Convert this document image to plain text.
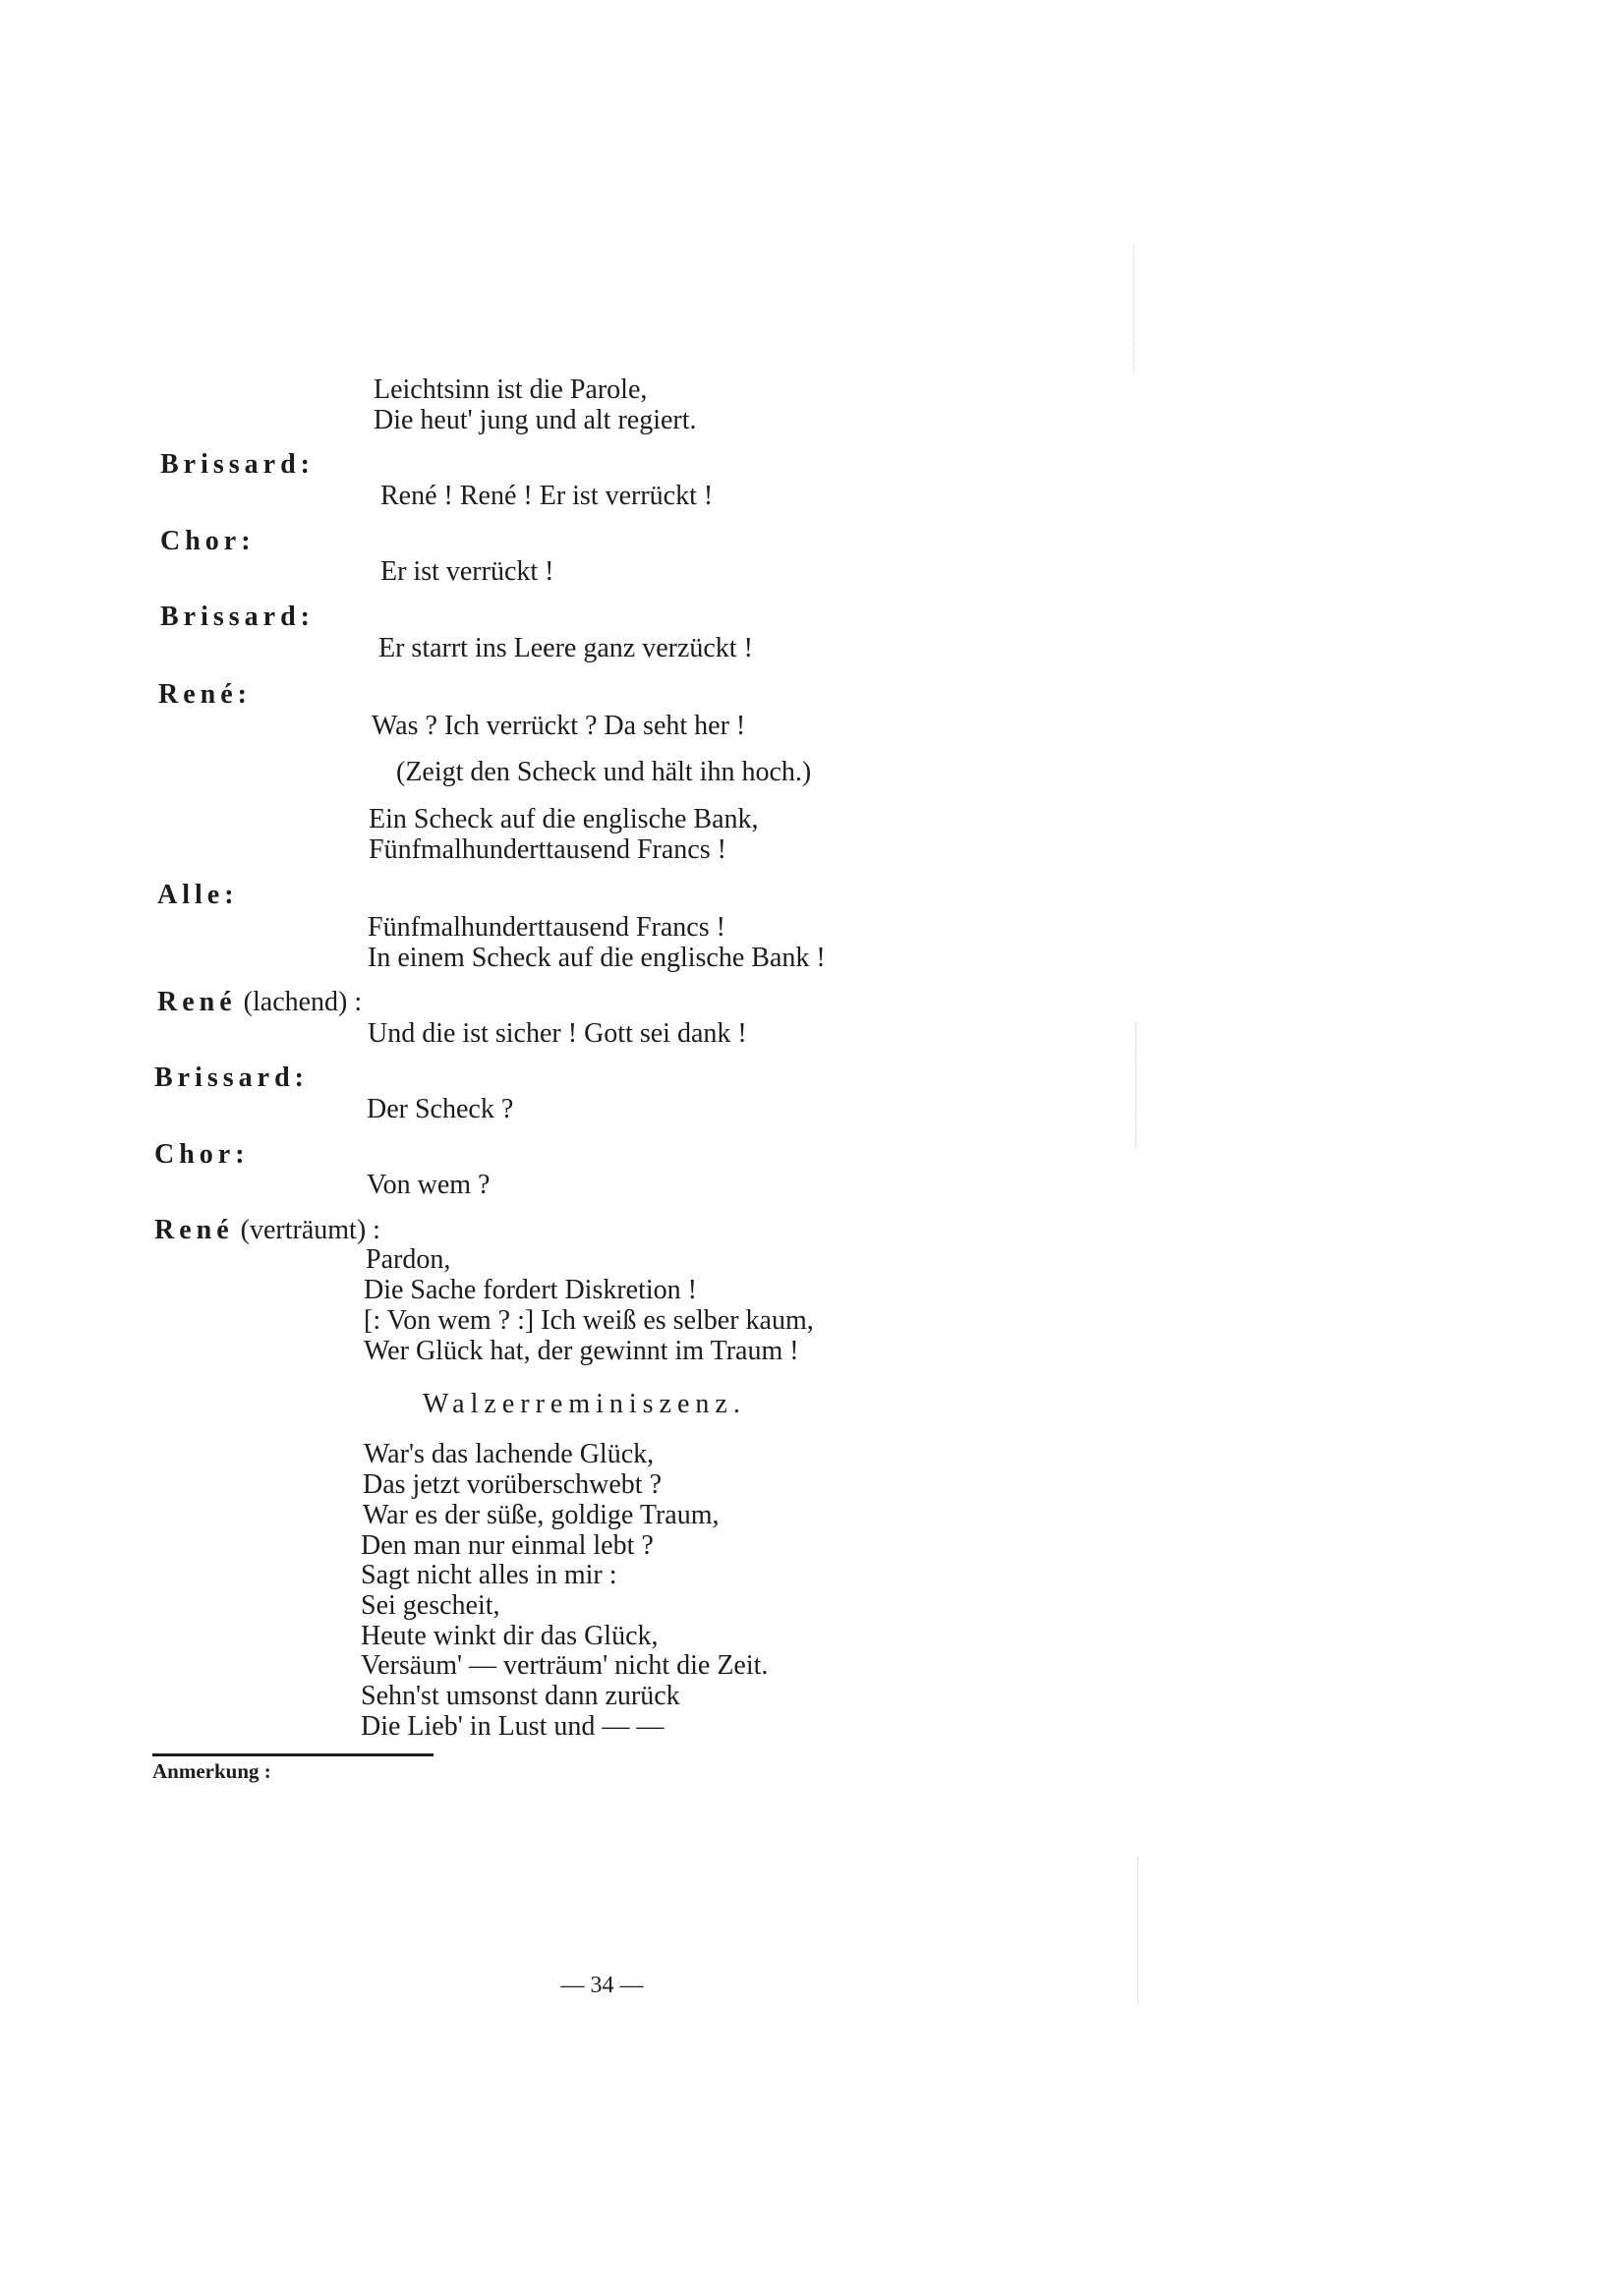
Leichtsinn ist die Parole,
Die heut' jung und alt regiert.
Brissard:
René ! René ! Er ist verrückt !
Chor:
Er ist verrückt !
Brissard:
Er starrt ins Leere ganz verzückt !
René:
Was ? Ich verrückt ? Da seht her !
(Zeigt den Scheck und hält ihn hoch.)
Ein Scheck auf die englische Bank,
Fünfmalhunderttausend Francs !
Alle:
Fünfmalhunderttausend Francs !
In einem Scheck auf die englische Bank !
René (lachend) :
Und die ist sicher ! Gott sei dank !
Brissard:
Der Scheck ?
Chor:
Von wem ?
René (verträumt) :
Pardon,
Die Sache fordert Diskretion !
[: Von wem ? :] Ich weiß es selber kaum,
Wer Glück hat, der gewinnt im Traum !
Walzerreminiszenz.
War's das lachende Glück,
Das jetzt vorüberschwebt ?
War es der süße, goldige Traum,
Den man nur einmal lebt ?
Sagt nicht alles in mir :
Sei gescheit,
Heute winkt dir das Glück,
Versäum' — verträum' nicht die Zeit.
Sehn'st umsonst dann zurück
Die Lieb' in Lust und — —
Anmerkung :
— 34 —
